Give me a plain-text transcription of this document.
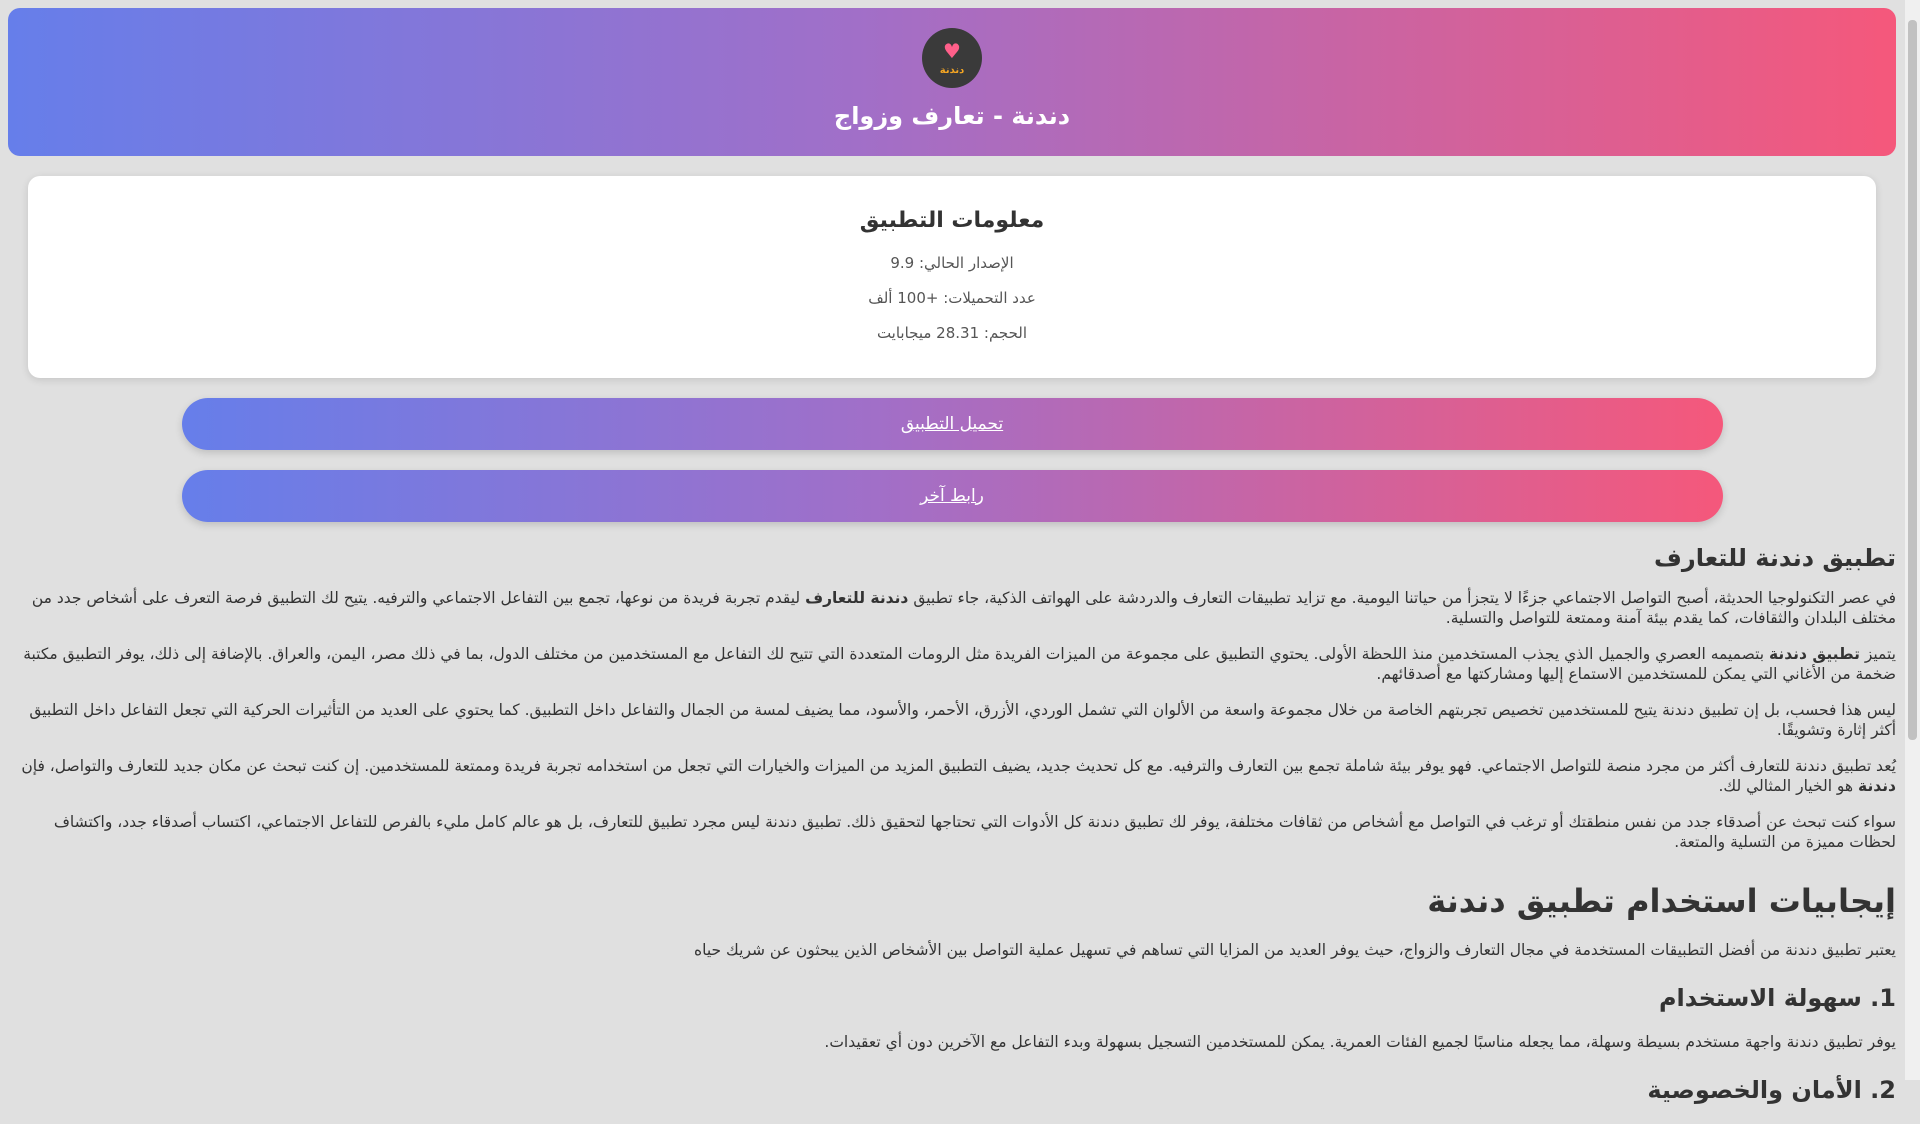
♥
دندنة
دندنة - تعارف وزواج
معلومات التطبيق

الإصدار الحالي: 9.9

عدد التحميلات: +100 ألف

الحجم: 28.31 ميجابايت

تحميل التطبيق
رابط آخر
تطبيق دندنة للتعارف

في عصر التكنولوجيا الحديثة، أصبح التواصل الاجتماعي جزءًا لا يتجزأ من حياتنا اليومية. مع تزايد تطبيقات التعارف والدردشة على الهواتف الذكية، جاء تطبيق دندنة للتعارف ليقدم تجربة فريدة من نوعها، تجمع بين التفاعل الاجتماعي والترفيه. يتيح لك التطبيق فرصة التعرف على أشخاص جدد من مختلف البلدان والثقافات، كما يقدم بيئة آمنة وممتعة للتواصل والتسلية.

يتميز تطبيق دندنة بتصميمه العصري والجميل الذي يجذب المستخدمين منذ اللحظة الأولى. يحتوي التطبيق على مجموعة من الميزات الفريدة مثل الرومات المتعددة التي تتيح لك التفاعل مع المستخدمين من مختلف الدول، بما في ذلك مصر، اليمن، والعراق. بالإضافة إلى ذلك، يوفر التطبيق مكتبة ضخمة من الأغاني التي يمكن للمستخدمين الاستماع إليها ومشاركتها مع أصدقائهم.

ليس هذا فحسب، بل إن تطبيق دندنة يتيح للمستخدمين تخصيص تجربتهم الخاصة من خلال مجموعة واسعة من الألوان التي تشمل الوردي، الأزرق، الأحمر، والأسود، مما يضيف لمسة من الجمال والتفاعل داخل التطبيق. كما يحتوي على العديد من التأثيرات الحركية التي تجعل التفاعل داخل التطبيق أكثر إثارة وتشويقًا.

يُعد تطبيق دندنة للتعارف أكثر من مجرد منصة للتواصل الاجتماعي. فهو يوفر بيئة شاملة تجمع بين التعارف والترفيه. مع كل تحديث جديد، يضيف التطبيق المزيد من الميزات والخيارات التي تجعل من استخدامه تجربة فريدة وممتعة للمستخدمين. إن كنت تبحث عن مكان جديد للتعارف والتواصل، فإن دندنة هو الخيار المثالي لك.

سواء كنت تبحث عن أصدقاء جدد من نفس منطقتك أو ترغب في التواصل مع أشخاص من ثقافات مختلفة، يوفر لك تطبيق دندنة كل الأدوات التي تحتاجها لتحقيق ذلك. تطبيق دندنة ليس مجرد تطبيق للتعارف، بل هو عالم كامل مليء بالفرص للتفاعل الاجتماعي، اكتساب أصدقاء جدد، واكتشاف لحظات مميزة من التسلية والمتعة.

إيجابيات استخدام تطبيق دندنة

يعتبر تطبيق دندنة من أفضل التطبيقات المستخدمة في مجال التعارف والزواج، حيث يوفر العديد من المزايا التي تساهم في تسهيل عملية التواصل بين الأشخاص الذين يبحثون عن شريك حياه

1. سهولة الاستخدام

يوفر تطبيق دندنة واجهة مستخدم بسيطة وسهلة، مما يجعله مناسبًا لجميع الفئات العمرية. يمكن للمستخدمين التسجيل بسهولة وبدء التفاعل مع الآخرين دون أي تعقيدات.

2. الأمان والخصوصية
